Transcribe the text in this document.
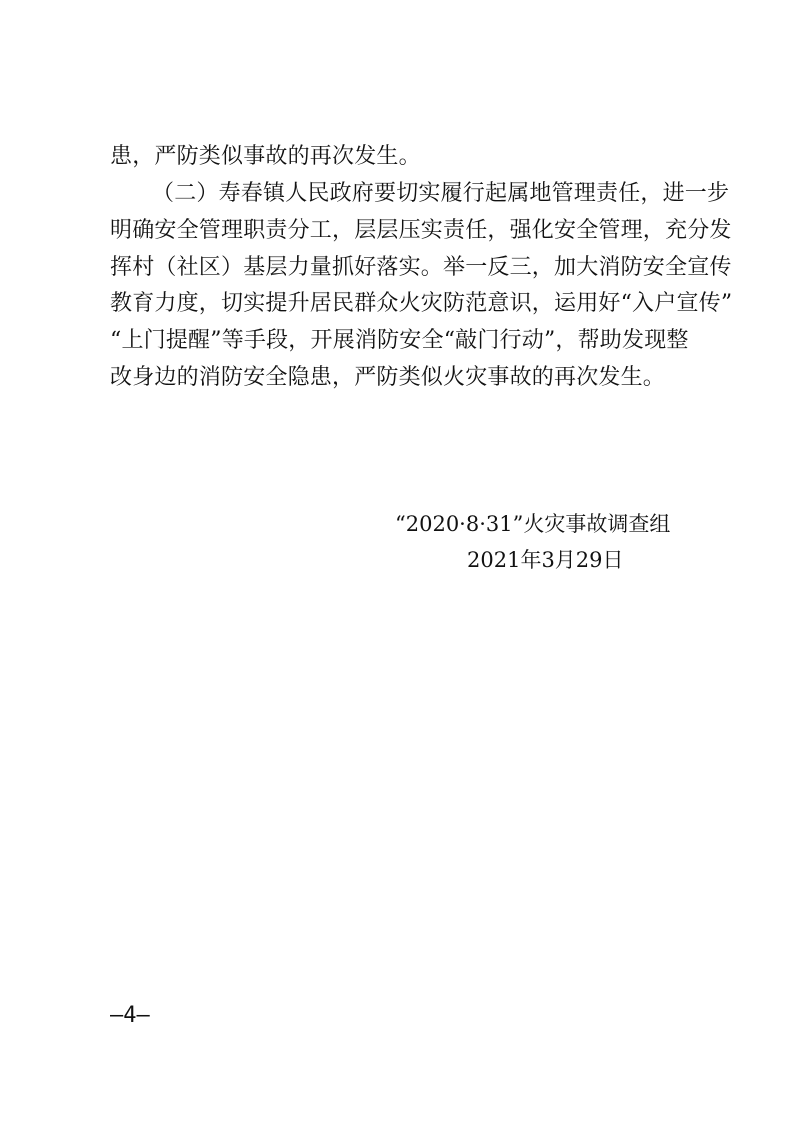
患，严防类似事故的再次发生。
（二）寿春镇人民政府要切实履行起属地管理责任，进一步
明确安全管理职责分工，层层压实责任，强化安全管理，充分发
挥村（社区）基层力量抓好落实。举一反三，加大消防安全宣传
教育力度，切实提升居民群众火灾防范意识，运用好“入户宣传”
“上门提醒”等手段，开展消防安全“敲门行动”，帮助发现整
改身边的消防安全隐患，严防类似火灾事故的再次发生。
“2020·8·31”火灾事故调查组
2021年3月29日
—4—
